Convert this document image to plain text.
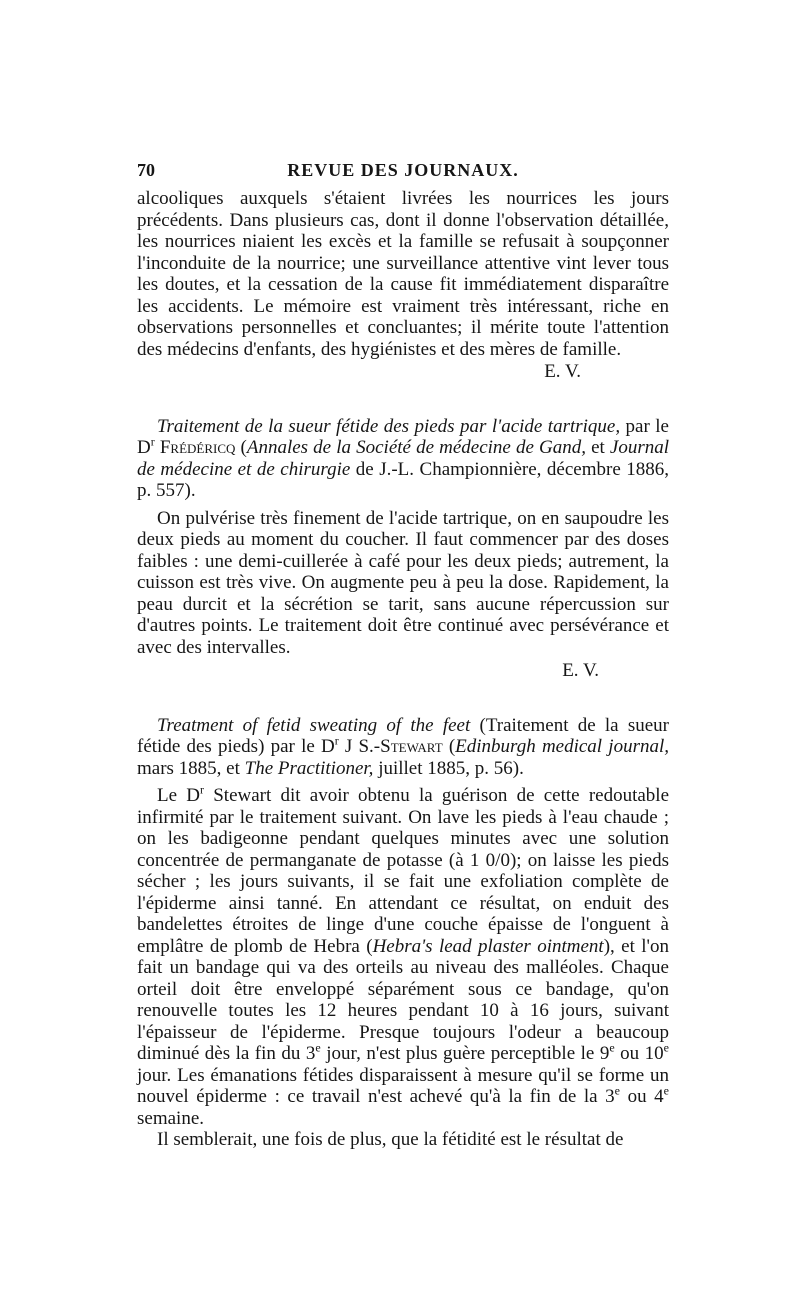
70	REVUE DES JOURNAUX.

alcooliques auxquels s'étaient livrées les nourrices les jours précédents. Dans plusieurs cas, dont il donne l'observation détaillée, les nourrices niaient les excès et la famille se refusait à soupçonner l'inconduite de la nourrice; une surveillance attentive vint lever tous les doutes, et la cessation de la cause fit immédiatement disparaître les accidents. Le mémoire est vraiment très intéressant, riche en observations personnelles et concluantes; il mérite toute l'attention des médecins d'enfants, des hygiénistes et des mères de famille.

E. V.

Traitement de la sueur fétide des pieds par l'acide tartrique, par le $D^r$ Frédéricq (Annales de la Société de médecine de Gand, et Journal de médecine et de chirurgie de J.-L. Championnière, décembre 1886, p. 557).

On pulvérise très finement de l'acide tartrique, on en saupoudre les deux pieds au moment du coucher. Il faut commencer par des doses faibles : une demi-cuillerée à café pour les deux pieds; autrement, la cuisson est très vive. On augmente peu à peu la dose. Rapidement, la peau durcit et la sécrétion se tarit, sans aucune répercussion sur d'autres points. Le traitement doit être continué avec persévérance et avec des intervalles.

E. V.

Treatment of fetid sweating of the feet (Traitement de la sueur fétide des pieds) par le $D^r$ J S.-Stewart (Edinburgh medical journal, mars 1885, et The Practitioner, juillet 1885, p. 56).

Le $D^r$ Stewart dit avoir obtenu la guérison de cette redoutable infirmité par le traitement suivant. On lave les pieds à l'eau chaude ; on les badigeonne pendant quelques minutes avec une solution concentrée de permanganate de potasse (à 1 0/0); on laisse les pieds sécher ; les jours suivants, il se fait une exfoliation complète de l'épiderme ainsi tanné. En attendant ce résultat, on enduit des bandelettes étroites de linge d'une couche épaisse de l'onguent à emplâtre de plomb de Hebra (Hebra's lead plaster ointment), et l'on fait un bandage qui va des orteils au niveau des malléoles. Chaque orteil doit être enveloppé séparément sous ce bandage, qu'on renouvelle toutes les 12 heures pendant 10 à 16 jours, suivant l'épaisseur de l'épiderme. Presque toujours l'odeur a beaucoup diminué dès la fin du 3e jour, n'est plus guère perceptible le 9e ou 10e jour. Les émanations fétides disparaissent à mesure qu'il se forme un nouvel épiderme : ce travail n'est achevé qu'à la fin de la 3e ou 4e semaine.

Il semblerait, une fois de plus, que la fétidité est le résultat de
